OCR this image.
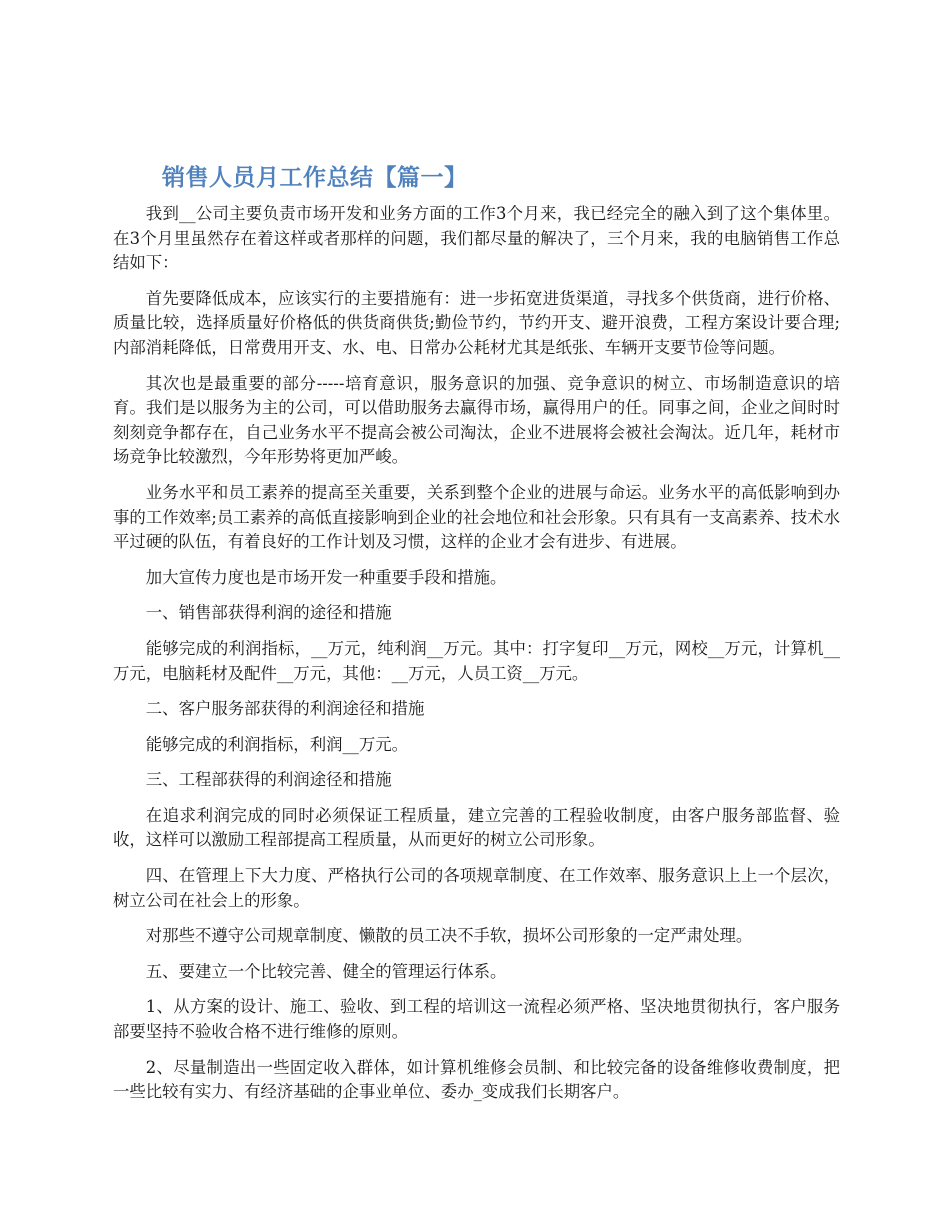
销售人员月工作总结【篇一】

我到__公司主要负责市场开发和业务方面的工作3个月来，我已经完全的融入到了这个集体里。在3个月里虽然存在着这样或者那样的问题，我们都尽量的解决了，三个月来，我的电脑销售工作总结如下：

首先要降低成本，应该实行的主要措施有：进一步拓宽进货渠道，寻找多个供货商，进行价格、质量比较，选择质量好价格低的供货商供货;勤俭节约，节约开支、避开浪费，工程方案设计要合理;内部消耗降低，日常费用开支、水、电、日常办公耗材尤其是纸张、车辆开支要节俭等问题。

其次也是最重要的部分-----培育意识，服务意识的加强、竞争意识的树立、市场制造意识的培育。我们是以服务为主的公司，可以借助服务去赢得市场，赢得用户的任。同事之间，企业之间时时刻刻竞争都存在，自己业务水平不提高会被公司淘汰，企业不进展将会被社会淘汰。近几年，耗材市场竞争比较激烈，今年形势将更加严峻。

业务水平和员工素养的提高至关重要，关系到整个企业的进展与命运。业务水平的高低影响到办事的工作效率;员工素养的高低直接影响到企业的社会地位和社会形象。只有具有一支高素养、技术水平过硬的队伍，有着良好的工作计划及习惯，这样的企业才会有进步、有进展。

加大宣传力度也是市场开发一种重要手段和措施。

一、销售部获得利润的途径和措施

能够完成的利润指标，__万元，纯利润__万元。其中：打字复印__万元，网校__万元，计算机__万元，电脑耗材及配件__万元，其他：__万元，人员工资__万元。

二、客户服务部获得的利润途径和措施

能够完成的利润指标，利润__万元。

三、工程部获得的利润途径和措施

在追求利润完成的同时必须保证工程质量，建立完善的工程验收制度，由客户服务部监督、验收，这样可以激励工程部提高工程质量，从而更好的树立公司形象。

四、在管理上下大力度、严格执行公司的各项规章制度、在工作效率、服务意识上上一个层次，树立公司在社会上的形象。

对那些不遵守公司规章制度、懒散的员工决不手软，损坏公司形象的一定严肃处理。

五、要建立一个比较完善、健全的管理运行体系。

1、从方案的设计、施工、验收、到工程的培训这一流程必须严格、坚决地贯彻执行，客户服务部要坚持不验收合格不进行维修的原则。

2、尽量制造出一些固定收入群体，如计算机维修会员制、和比较完备的设备维修收费制度，把一些比较有实力、有经济基础的企事业单位、委办_变成我们长期客户。
